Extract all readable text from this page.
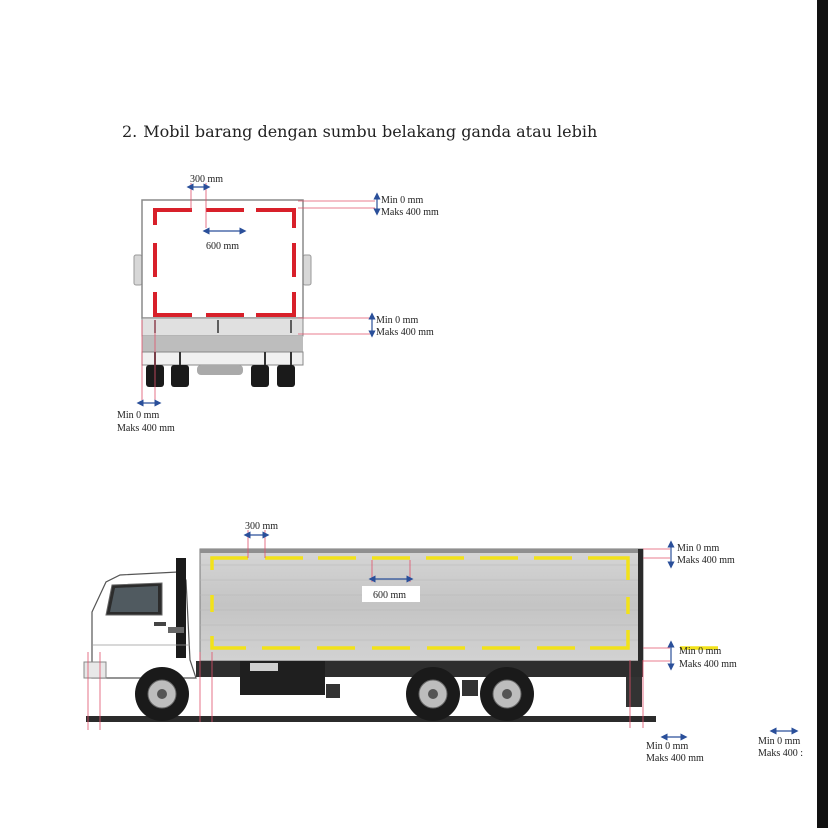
2. Mobil barang dengan sumbu belakang ganda atau lebih
300 mm
600 mm
Min 0 mm
Maks 400 mm
Min 0 mm
Maks 400 mm
Min 0 mm
Maks 400 mm
300 mm
600 mm
Min 0 mm
Maks 400 mm
Min 0 mm
Maks 400 mm
Min 0 mm
Maks 400 mm
Min 0 mm
Maks 400 :
